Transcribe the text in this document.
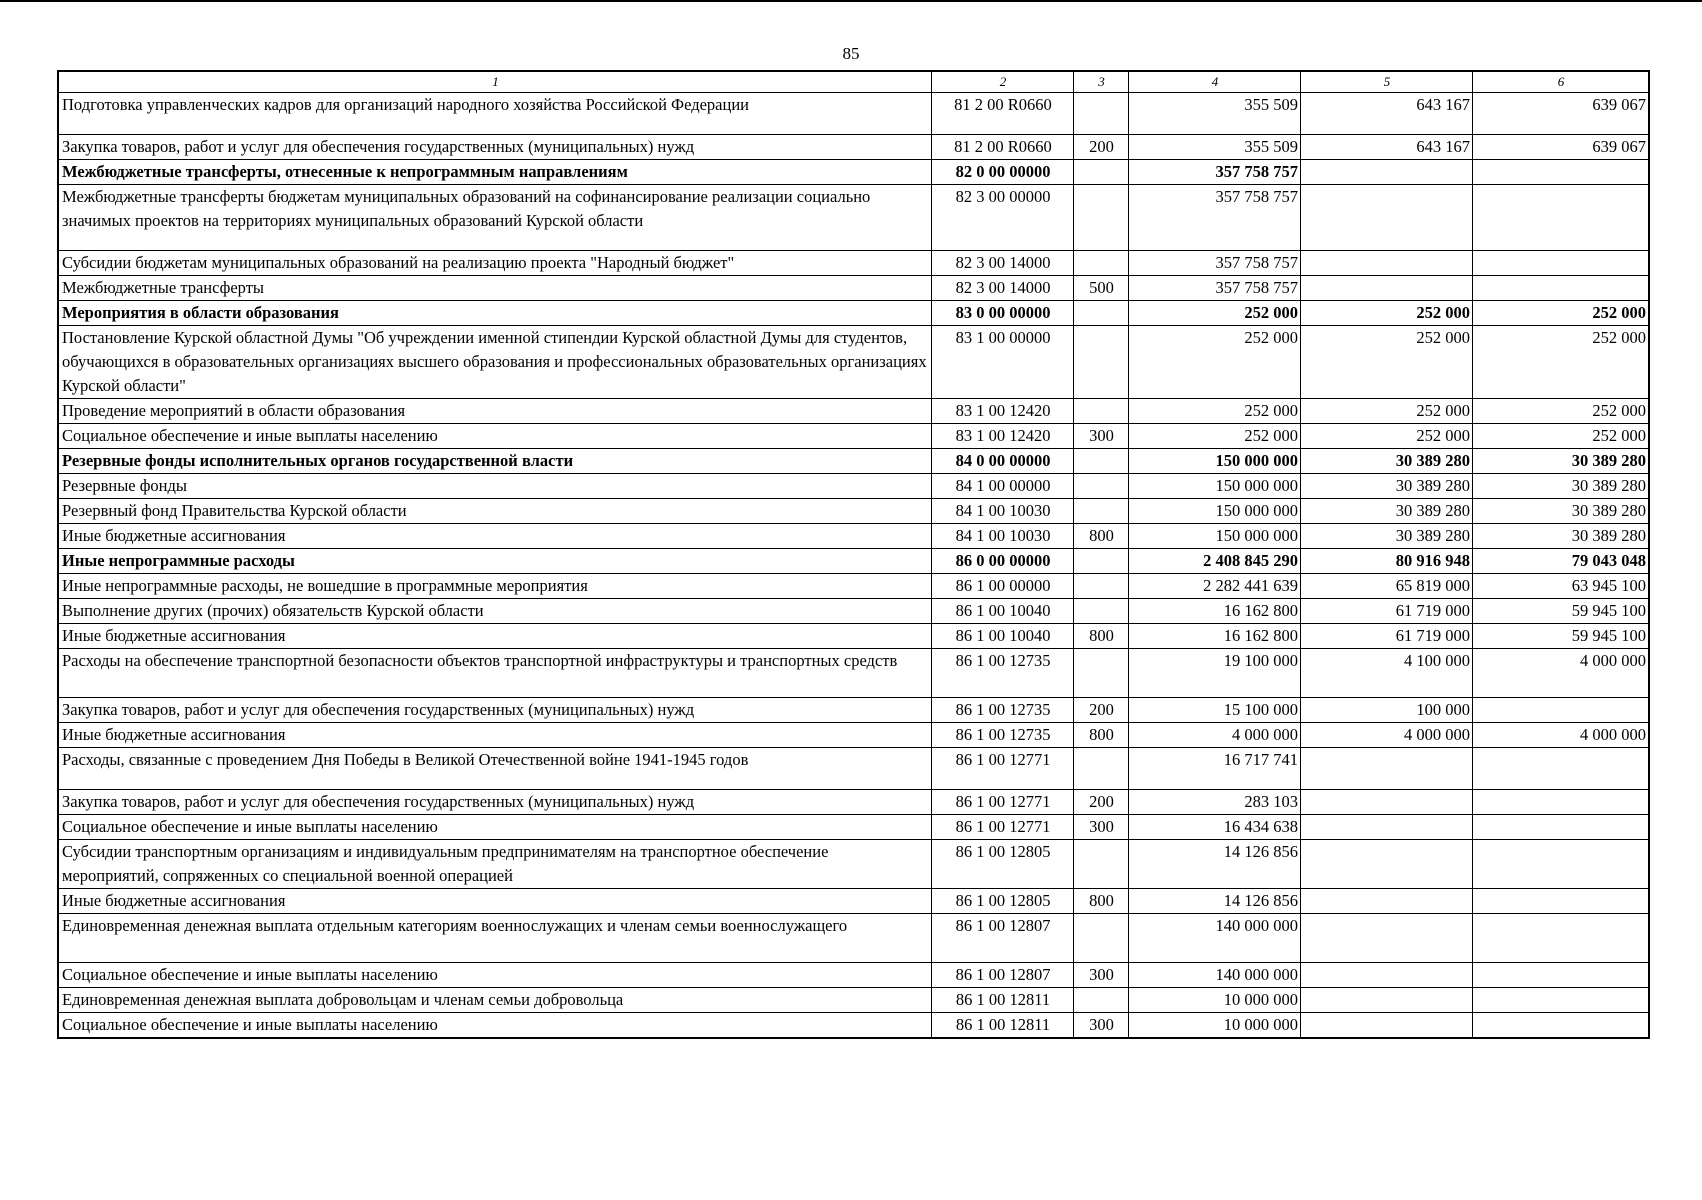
85
1	2	3	4	5	6
Подготовка управленческих кадров для организаций народного хозяйства Российской Федерации	81 2 00 R0660		355 509	643 167	639 067
Закупка товаров, работ и услуг для обеспечения государственных (муниципальных) нужд	81 2 00 R0660	200	355 509	643 167	639 067
Межбюджетные трансферты, отнесенные к непрограммным направлениям	82 0 00 00000		357 758 757		
Межбюджетные трансферты бюджетам муниципальных образований на софинансирование реализации социально значимых проектов на территориях муниципальных образований Курской области	82 3 00 00000		357 758 757		
Субсидии бюджетам муниципальных образований на реализацию проекта "Народный бюджет"	82 3 00 14000		357 758 757		
Межбюджетные трансферты	82 3 00 14000	500	357 758 757		
Мероприятия в области образования	83 0 00 00000		252 000	252 000	252 000
Постановление Курской областной Думы "Об учреждении именной стипендии Курской областной Думы для студентов, обучающихся в образовательных организациях высшего образования и профессиональных образовательных организациях Курской области"	83 1 00 00000		252 000	252 000	252 000
Проведение мероприятий в области образования	83 1 00 12420		252 000	252 000	252 000
Социальное обеспечение и иные выплаты населению	83 1 00 12420	300	252 000	252 000	252 000
Резервные фонды исполнительных органов государственной власти	84 0 00 00000		150 000 000	30 389 280	30 389 280
Резервные фонды	84 1 00 00000		150 000 000	30 389 280	30 389 280
Резервный фонд Правительства Курской области	84 1 00 10030		150 000 000	30 389 280	30 389 280
Иные бюджетные ассигнования	84 1 00 10030	800	150 000 000	30 389 280	30 389 280
Иные непрограммные расходы	86 0 00 00000		2 408 845 290	80 916 948	79 043 048
Иные непрограммные расходы, не вошедшие в программные мероприятия	86 1 00 00000		2 282 441 639	65 819 000	63 945 100
Выполнение других (прочих) обязательств Курской области	86 1 00 10040		16 162 800	61 719 000	59 945 100
Иные бюджетные ассигнования	86 1 00 10040	800	16 162 800	61 719 000	59 945 100
Расходы на обеспечение транспортной безопасности объектов транспортной инфраструктуры и транспортных средств	86 1 00 12735		19 100 000	4 100 000	4 000 000
Закупка товаров, работ и услуг для обеспечения государственных (муниципальных) нужд	86 1 00 12735	200	15 100 000	100 000	
Иные бюджетные ассигнования	86 1 00 12735	800	4 000 000	4 000 000	4 000 000
Расходы, связанные с проведением Дня Победы в Великой Отечественной войне 1941-1945 годов	86 1 00 12771		16 717 741		
Закупка товаров, работ и услуг для обеспечения государственных (муниципальных) нужд	86 1 00 12771	200	283 103		
Социальное обеспечение и иные выплаты населению	86 1 00 12771	300	16 434 638		
Субсидии транспортным организациям и индивидуальным предпринимателям на транспортное обеспечение мероприятий, сопряженных со специальной военной операцией	86 1 00 12805		14 126 856		
Иные бюджетные ассигнования	86 1 00 12805	800	14 126 856		
Единовременная денежная выплата отдельным категориям военнослужащих и членам семьи военнослужащего	86 1 00 12807		140 000 000		
Социальное обеспечение и иные выплаты населению	86 1 00 12807	300	140 000 000		
Единовременная денежная выплата добровольцам и членам семьи добровольца	86 1 00 12811		10 000 000		
Социальное обеспечение и иные выплаты населению	86 1 00 12811	300	10 000 000		
